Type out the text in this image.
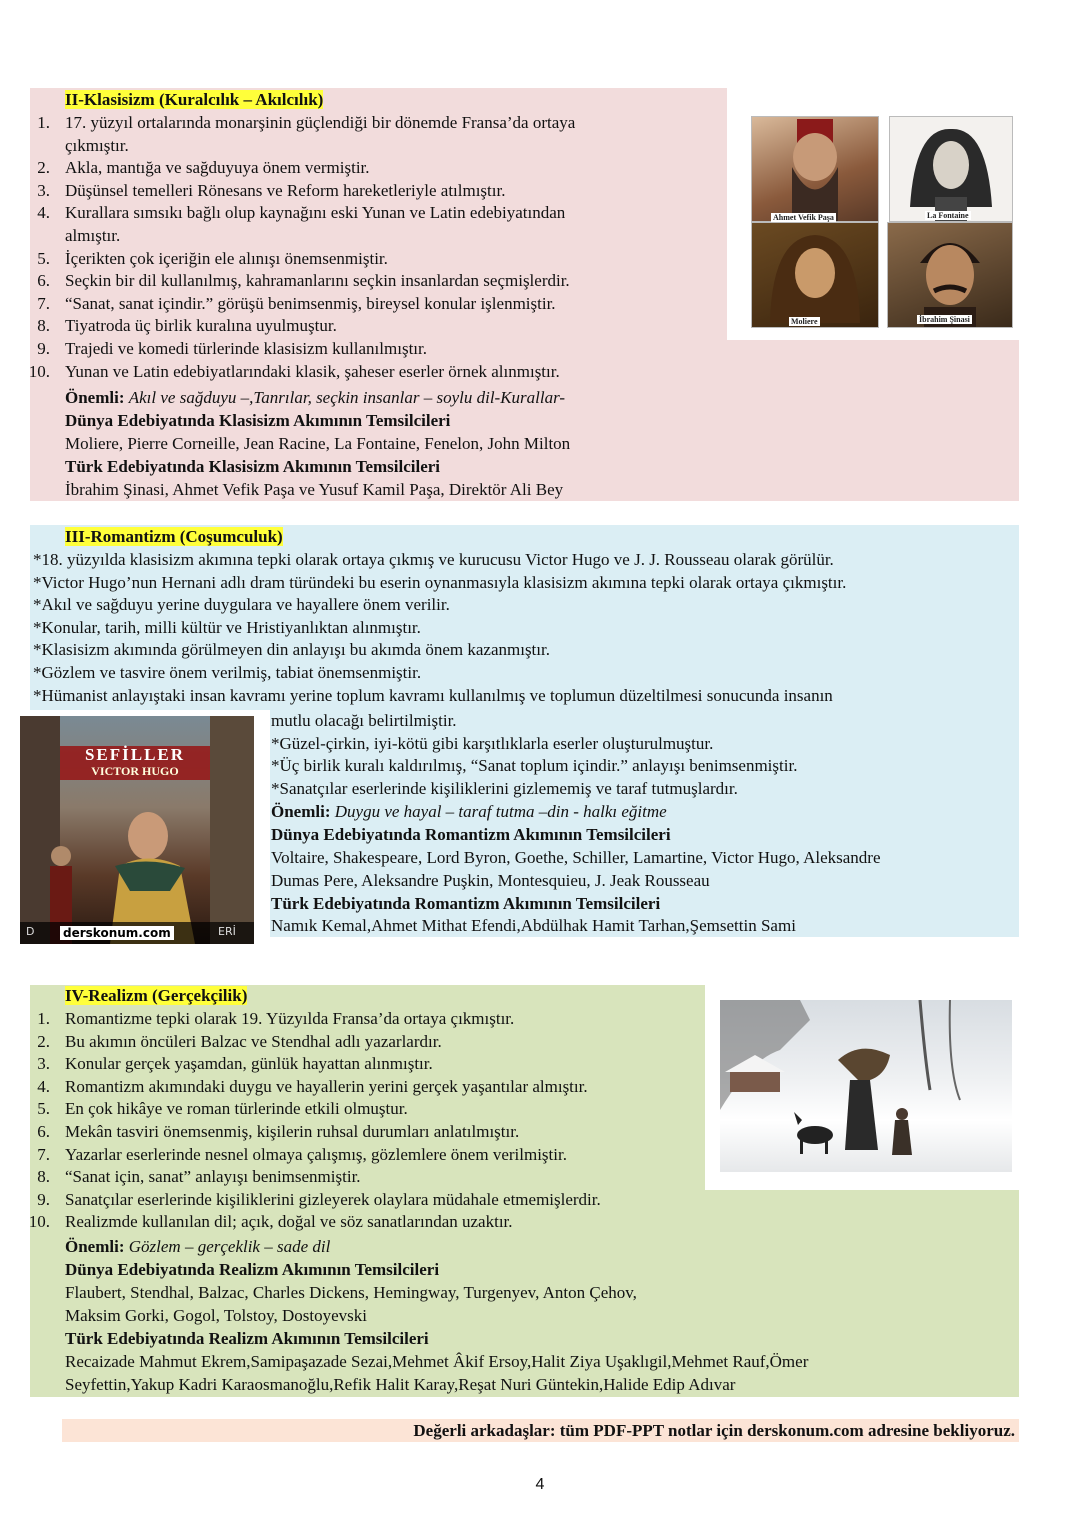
II-Klasisizm (Kuralcılık – Akılcılık)
1. 17. yüzyıl ortalarında monarşinin güçlendiği bir dönemde Fransa’da ortaya
çıkmıştır.
2. Akla, mantığa ve sağduyuya önem vermiştir.
3. Düşünsel temelleri Rönesans ve Reform hareketleriyle atılmıştır.
4. Kurallara sımsıkı bağlı olup kaynağını eski Yunan ve Latin edebiyatından
almıştır.
5. İçerikten çok içeriğin ele alınışı önemsenmiştir.
6. Seçkin bir dil kullanılmış, kahramanlarını seçkin insanlardan seçmişlerdir.
7. “Sanat, sanat içindir.” görüşü benimsenmiş, bireysel konular işlenmiştir.
8. Tiyatroda üç birlik kuralına uyulmuştur.
9. Trajedi ve komedi türlerinde klasisizm kullanılmıştır.
10. Yunan ve Latin edebiyatlarındaki klasik, şaheser eserler örnek alınmıştır.
Önemli: Akıl ve sağduyu –,Tanrılar, seçkin insanlar – soylu dil-Kurallar-
Dünya Edebiyatında Klasisizm Akımının Temsilcileri
Moliere, Pierre Corneille, Jean Racine, La Fontaine, Fenelon, John Milton
Türk Edebiyatında Klasisizm Akımının Temsilcileri
İbrahim Şinasi, Ahmet Vefik Paşa ve Yusuf Kamil Paşa, Direktör Ali Bey
Ahmet Vefik Paşa	La Fontaine
Moliere	İbrahim Şinasi
III-Romantizm (Coşumculuk)
*18. yüzyılda klasisizm akımına tepki olarak ortaya çıkmış ve kurucusu Victor Hugo ve J. J. Rousseau olarak görülür.
*Victor Hugo’nun Hernani adlı dram türündeki bu eserin oynanmasıyla klasisizm akımına tepki olarak ortaya çıkmıştır.
*Akıl ve sağduyu yerine duygulara ve hayallere önem verilir.
*Konular, tarih, milli kültür ve Hristiyanlıktan alınmıştır.
*Klasisizm akımında görülmeyen din anlayışı bu akımda önem kazanmıştır.
*Gözlem ve tasvire önem verilmiş, tabiat önemsenmiştir.
*Hümanist anlayıştaki insan kavramı yerine toplum kavramı kullanılmış ve toplumun düzeltilmesi sonucunda insanın
mutlu olacağı belirtilmiştir.
*Güzel-çirkin, iyi-kötü gibi karşıtlıklarla eserler oluşturulmuştur.
*Üç birlik kuralı kaldırılmış, “Sanat toplum içindir.” anlayışı benimsenmiştir.
*Sanatçılar eserlerinde kişiliklerini gizlememiş ve taraf tutmuşlardır.
Önemli: Duygu ve hayal – taraf tutma –din - halkı eğitme
Dünya Edebiyatında Romantizm Akımının Temsilcileri
Voltaire, Shakespeare, Lord Byron, Goethe, Schiller, Lamartine, Victor Hugo, Aleksandre
Dumas Pere, Aleksandre Puşkin, Montesquieu, J. Jeak Rousseau
Türk Edebiyatında Romantizm Akımının Temsilcileri
Namık Kemal,Ahmet Mithat Efendi,Abdülhak Hamit Tarhan,Şemsettin Sami
SEFİLLER
VICTOR HUGO
D derskonum.com	ERİ
IV-Realizm (Gerçekçilik)
1. Romantizme tepki olarak 19. Yüzyılda Fransa’da ortaya çıkmıştır.
2. Bu akımın öncüleri Balzac ve Stendhal adlı yazarlardır.
3. Konular gerçek yaşamdan, günlük hayattan alınmıştır.
4. Romantizm akımındaki duygu ve hayallerin yerini gerçek yaşantılar almıştır.
5. En çok hikâye ve roman türlerinde etkili olmuştur.
6. Mekân tasviri önemsenmiş, kişilerin ruhsal durumları anlatılmıştır.
7. Yazarlar eserlerinde nesnel olmaya çalışmış, gözlemlere önem verilmiştir.
8. “Sanat için, sanat” anlayışı benimsenmiştir.
9. Sanatçılar eserlerinde kişiliklerini gizleyerek olaylara müdahale etmemişlerdir.
10. Realizmde kullanılan dil; açık, doğal ve söz sanatlarından uzaktır.
Önemli: Gözlem – gerçeklik – sade dil
Dünya Edebiyatında Realizm Akımının Temsilcileri
Flaubert, Stendhal, Balzac, Charles Dickens, Hemingway, Turgenyev, Anton Çehov,
Maksim Gorki, Gogol, Tolstoy, Dostoyevski
Türk Edebiyatında Realizm Akımının Temsilcileri
Recaizade Mahmut Ekrem,Samipaşazade Sezai,Mehmet Âkif Ersoy,Halit Ziya Uşaklıgil,Mehmet Rauf,Ömer
Seyfettin,Yakup Kadri Karaosmanoğlu,Refik Halit Karay,Reşat Nuri Güntekin,Halide Edip Adıvar
Değerli arkadaşlar: tüm PDF-PPT notlar için derskonum.com adresine bekliyoruz.
4
